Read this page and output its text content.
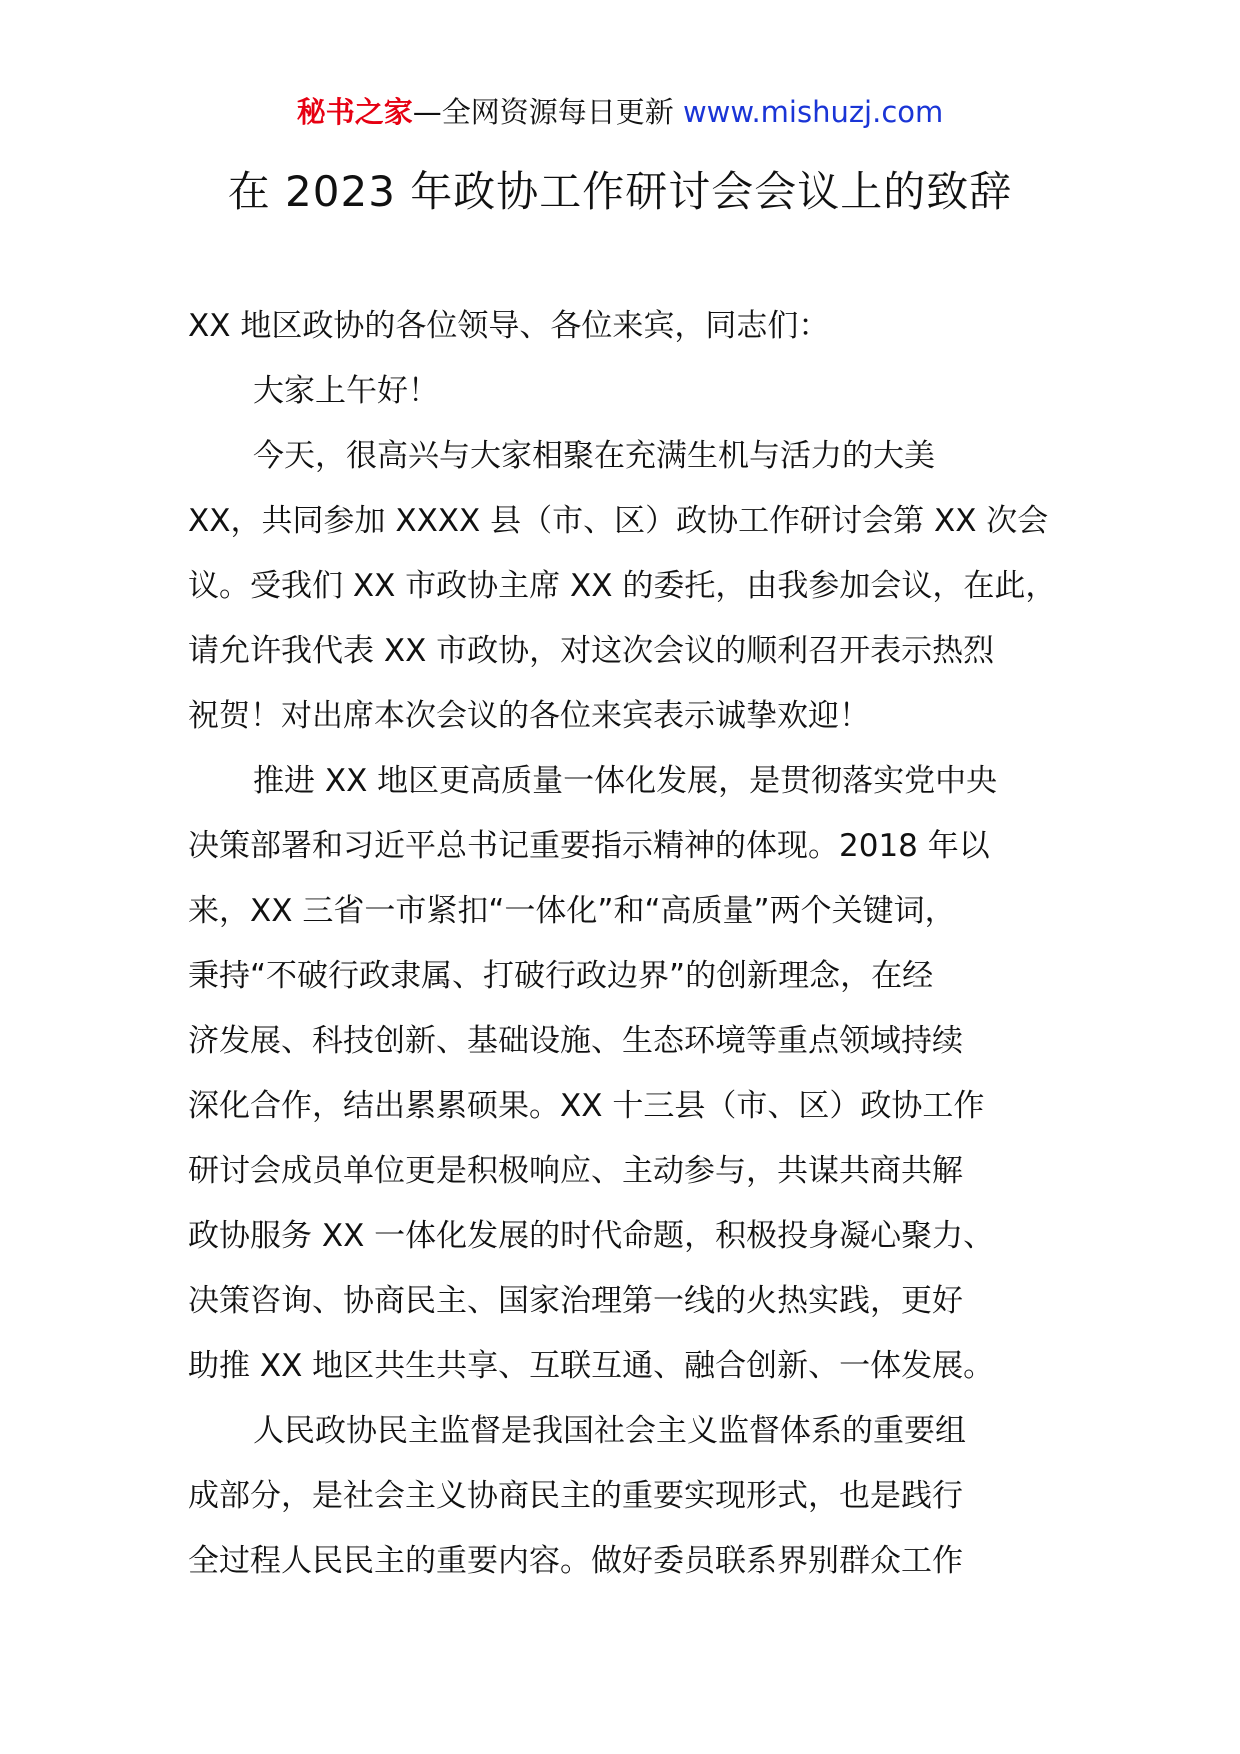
秘书之家—全网资源每日更新 www.mishuzj.com
在 2023 年政协工作研讨会会议上的致辞
XX 地区政协的各位领导、各位来宾，同志们：
大家上午好！
今天，很高兴与大家相聚在充满生机与活力的大美
XX，共同参加 XXXX 县（市、区）政协工作研讨会第 XX 次会
议。受我们 XX 市政协主席 XX 的委托，由我参加会议，在此，
请允许我代表 XX 市政协，对这次会议的顺利召开表示热烈
祝贺！对出席本次会议的各位来宾表示诚挚欢迎！
推进 XX 地区更高质量一体化发展，是贯彻落实党中央
决策部署和习近平总书记重要指示精神的体现。2018 年以
来，XX 三省一市紧扣“一体化”和“高质量”两个关键词，
秉持“不破行政隶属、打破行政边界”的创新理念，在经
济发展、科技创新、基础设施、生态环境等重点领域持续
深化合作，结出累累硕果。XX 十三县（市、区）政协工作
研讨会成员单位更是积极响应、主动参与，共谋共商共解
政协服务 XX 一体化发展的时代命题，积极投身凝心聚力、
决策咨询、协商民主、国家治理第一线的火热实践，更好
助推 XX 地区共生共享、互联互通、融合创新、一体发展。
人民政协民主监督是我国社会主义监督体系的重要组
成部分，是社会主义协商民主的重要实现形式，也是践行
全过程人民民主的重要内容。做好委员联系界别群众工作
